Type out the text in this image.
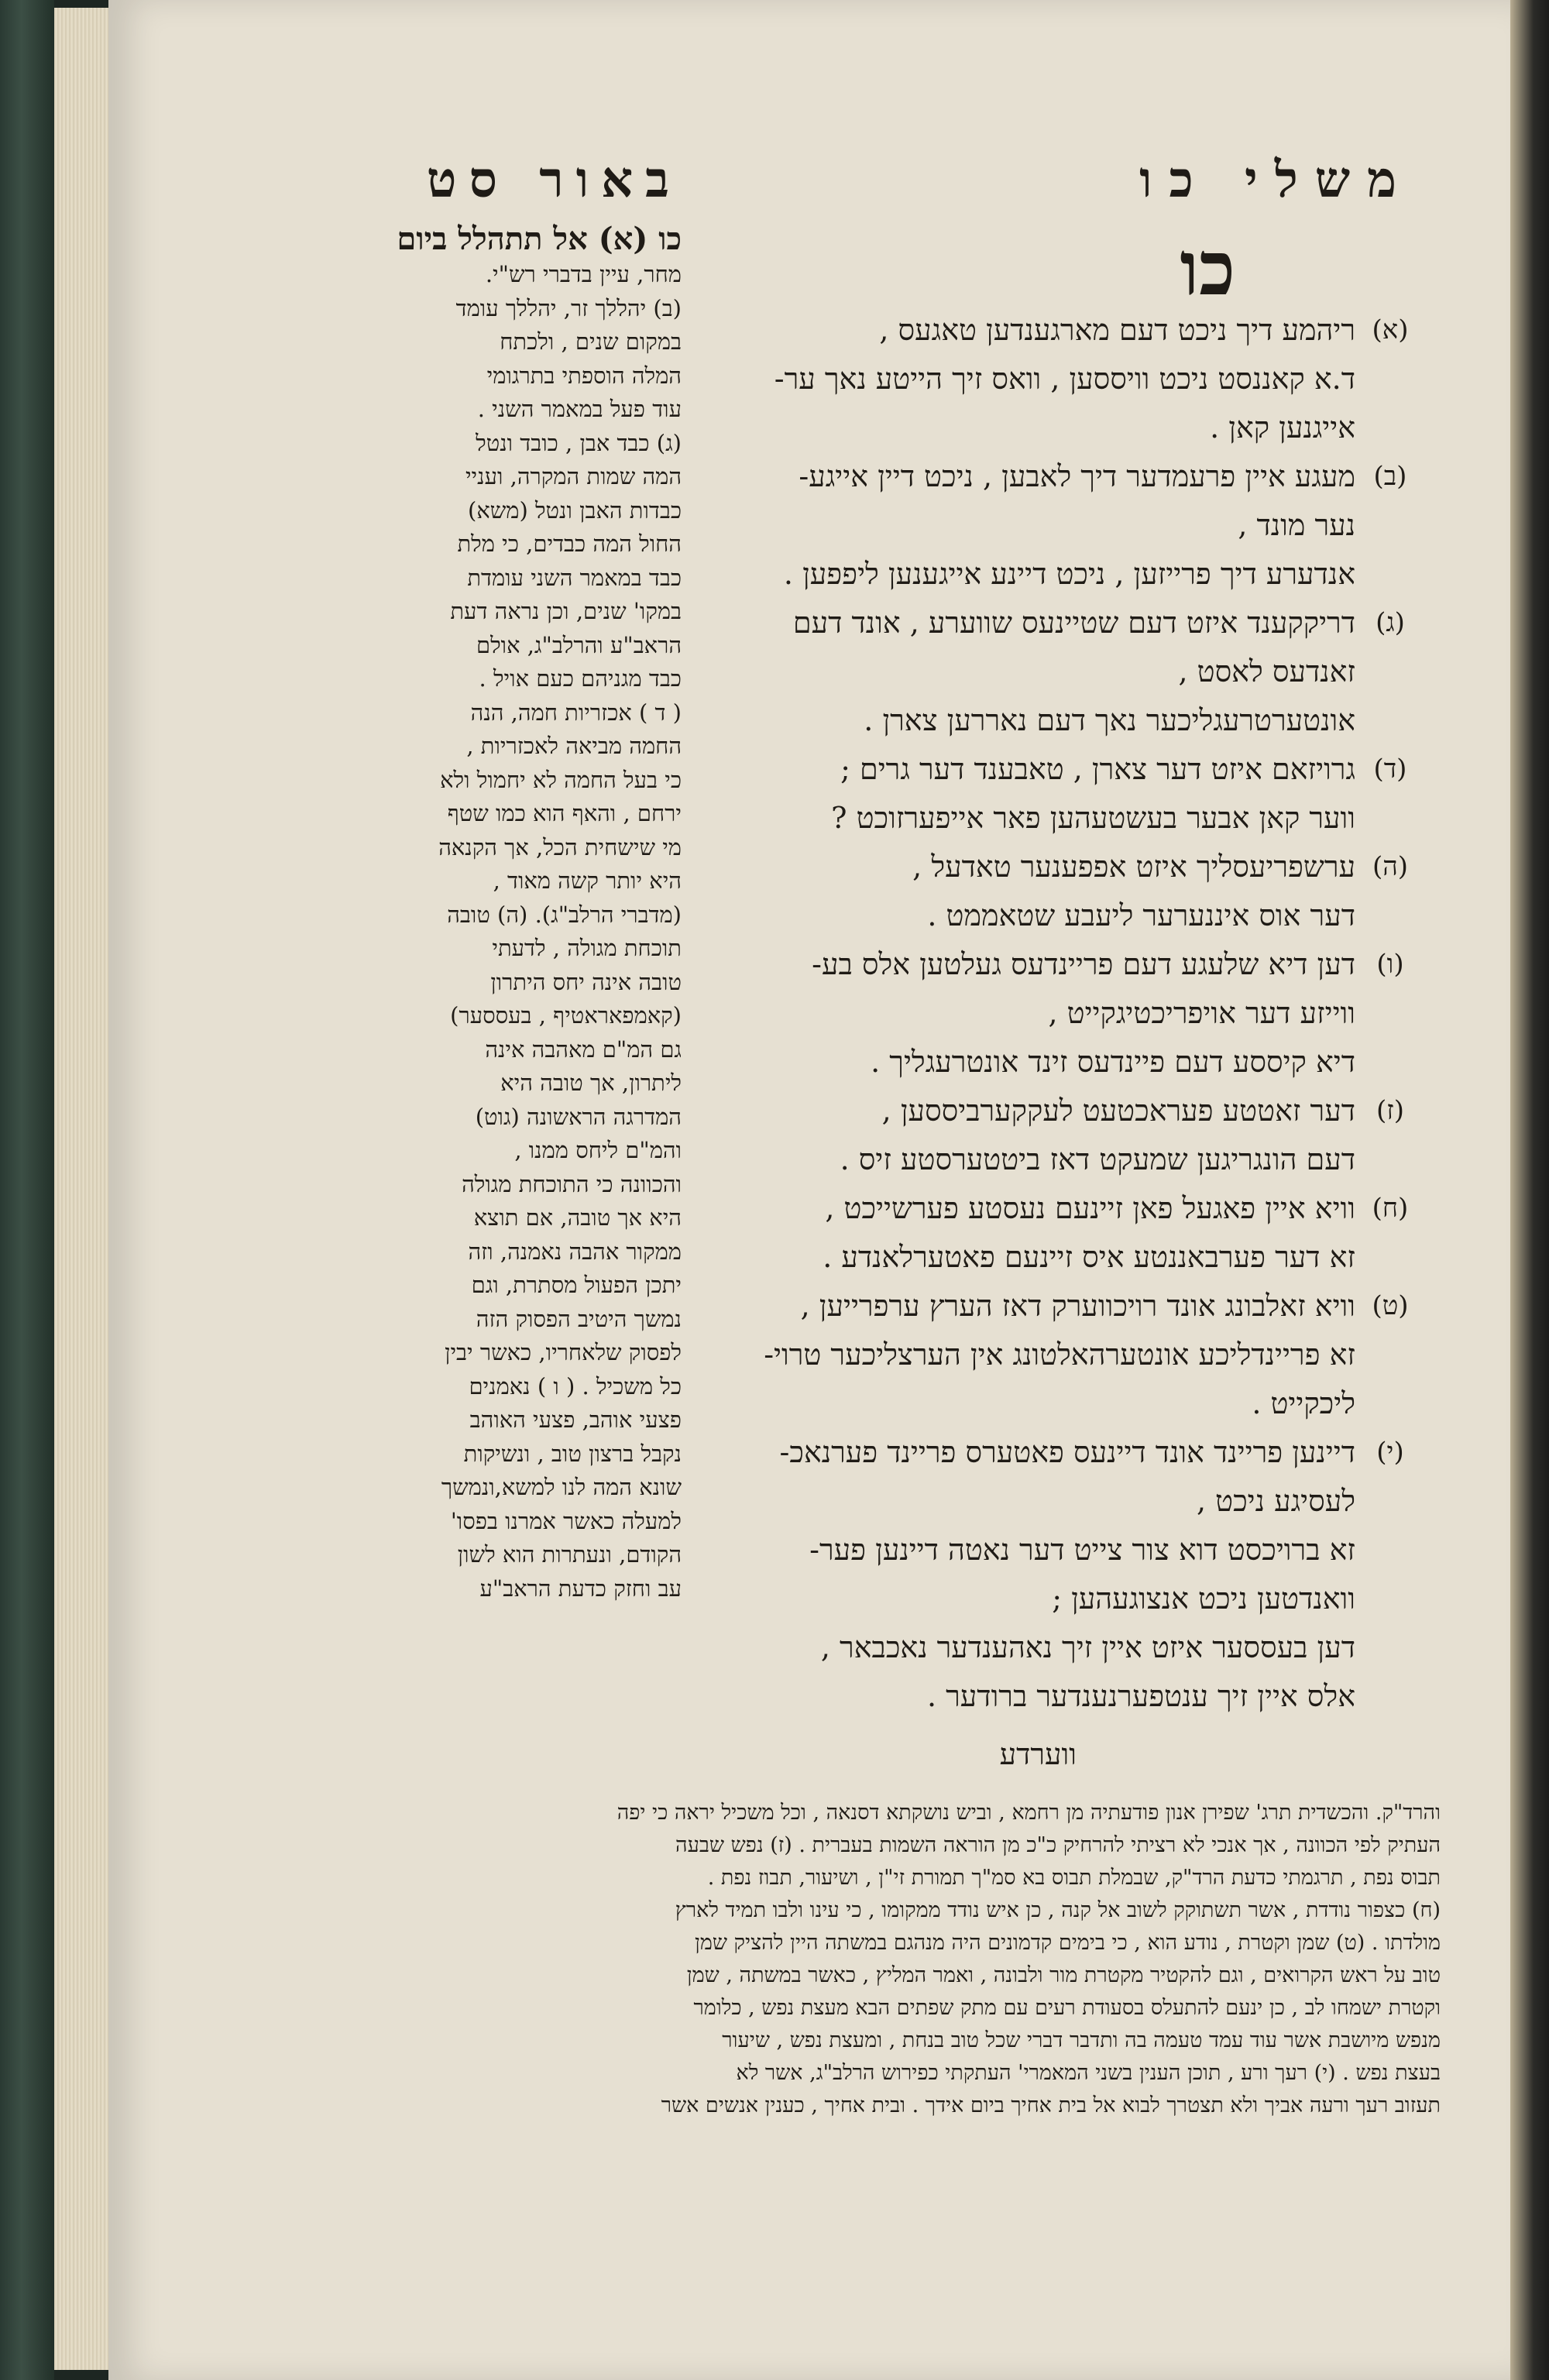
משלי כו
באור סט
כו
(א)
ריהמע דיך ניכט דעם מארגענדען טאגעס ,
ד.א קאננסט ניכט וויססען , וואס זיך הייטע נאך ער-
אייגנען קאן .
(ב)
מעגע איין פרעמדער דיך לאבען , ניכט דיין אייגע-
נער מונד ,
אנדערע דיך פרייזען , ניכט דיינע אייגענען ליפפען .
(ג)
דריקקענד איזט דעם שטיינעס שווערע , אונד דעם
זאנדעס לאסט ,
אונטערטרעגליכער נאך דעם נאררען צארן .
(ד)
גרויזאם איזט דער צארן , טאבענד דער גרים ;
ווער קאן אבער בעשטעהען פאר אייפערזוכט ?
(ה)
ערשפריעסליך איזט אפפענער טאדעל ,
דער אוס איננערער ליעבע שטאממט .
(ו)
דען דיא שלעגע דעם פריינדעס געלטען אלס בע-
ווייזע דער אויפריכטיגקייט ,
דיא קיססע דעם פיינדעס זינד אונטרעגליך .
(ז)
דער זאטטע פעראכטעט לעקקערביססען ,
דעם הונגריגען שמעקט דאז ביטטערסטע זיס .
(ח)
וויא איין פאגעל פאן זיינעם נעסטע פערשייכט ,
זא דער פערבאננטע איס זיינעם פאטערלאנדע .
(ט)
וויא זאלבונג אונד רויכווערק דאז הערץ ערפרייען ,
זא פריינדליכע אונטערהאלטונג אין הערצליכער טרוי-
ליכקייט .
(י)
דיינען פריינד אונד דיינעס פאטערס פריינד פערנאכ-
לעסיגע ניכט ,
זא ברויכסט דוא צור צייט דער נאטה דיינען פער-
וואנדטען ניכט אנצוגעהען ;
דען בעססער איזט איין זיך נאהענדער נאכבאר ,
אלס איין זיך ענטפערנענדער ברודער .
ווערדע
כו (א) אל תתהלל ביום
מחר, עיין בדברי רש"י.
(ב) יהללך זר, יהללך עומד
במקום שנים , ולכתח
המלה הוספתי בתרגומי
עוד פעל במאמר השני .
(ג) כבד אבן , כובד ונטל
המה שמות המקרה, ועניי
כבדות האבן ונטל (משא)
החול המה כבדים, כי מלת
כבד במאמר השני עומדת
במקו' שנים, וכן נראה דעת
הראב"ע והרלב"ג, אולם
כבד מגניהם כעם אויל .
( ד ) אכזריות חמה, הנה
החמה מביאה לאכזריות ,
כי בעל החמה לא יחמול ולא
ירחם , והאף הוא כמו שטף
מי שישחית הכל, אך הקנאה
היא יותר קשה מאוד ,
(מדברי הרלב"ג). (ה) טובה
תוכחת מגולה , לדעתי
טובה אינה יחס היתרון
(קאמפאראטיף , בעססער)
גם המ"ם מאהבה אינה
ליתרון, אך טובה היא
המדרגה הראשונה (גוט)
והמ"ם ליחס ממנו ,
והכוונה כי התוכחת מגולה
היא אך טובה, אם תוצא
ממקור אהבה נאמנה, וזה
יתכן הפעול מסתרת, וגם
נמשך היטיב הפסוק הזה
לפסוק שלאחריו, כאשר יבין
כל משכיל . ( ו ) נאמנים
פצעי אוהב, פצעי האוהב
נקבל ברצון טוב , ונשיקות
שונא המה לנו למשא,ונמשך
למעלה כאשר אמרנו בפסו'
הקודם, ונעתרות הוא לשון
עב וחזק כדעת הראב"ע
והרד"ק. והכשדית תרג' שפירן אנון פודעתיה מן רחמא , וביש נושקתא דסנאה , וכל משכיל יראה כי יפה
העתיק לפי הכוונה , אך אנכי לא רציתי להרחיק כ"כ מן הוראה השמות בעברית . (ז) נפש שבעה
תבוס נפת , תרגמתי כדעת הרד"ק, שבמלת תבוס בא סמ"ך תמורת זי"ן , ושיעור, תבוז נפת .
(ח) כצפור נודדת , אשר תשתוקק לשוב אל קנה , כן איש נודד ממקומו , כי עינו ולבו תמיד לארץ
מולדתו . (ט) שמן וקטרת , נודע הוא , כי בימים קדמונים היה מנהגם במשתה היין להציק שמן
טוב על ראש הקרואים , וגם להקטיר מקטרת מור ולבונה , ואמר המליץ , כאשר במשתה , שמן
וקטרת ישמחו לב , כן ינעם להתעלס בסעודת רעים עם מתק שפתים הבא מעצת נפש , כלומר
מנפש מיושבת אשר עוד עמד טעמה בה ותדבר דברי שכל טוב בנחת , ומעצת נפש , שיעור
בעצת נפש . (י) רעך ורע , תוכן הענין בשני המאמרי' העתקתי כפירוש הרלב"ג, אשר לא
תעזוב רעך ורעה אביך ולא תצטרך לבוא אל בית אחיך ביום אידך . ובית אחיך , כענין אנשים אשר
